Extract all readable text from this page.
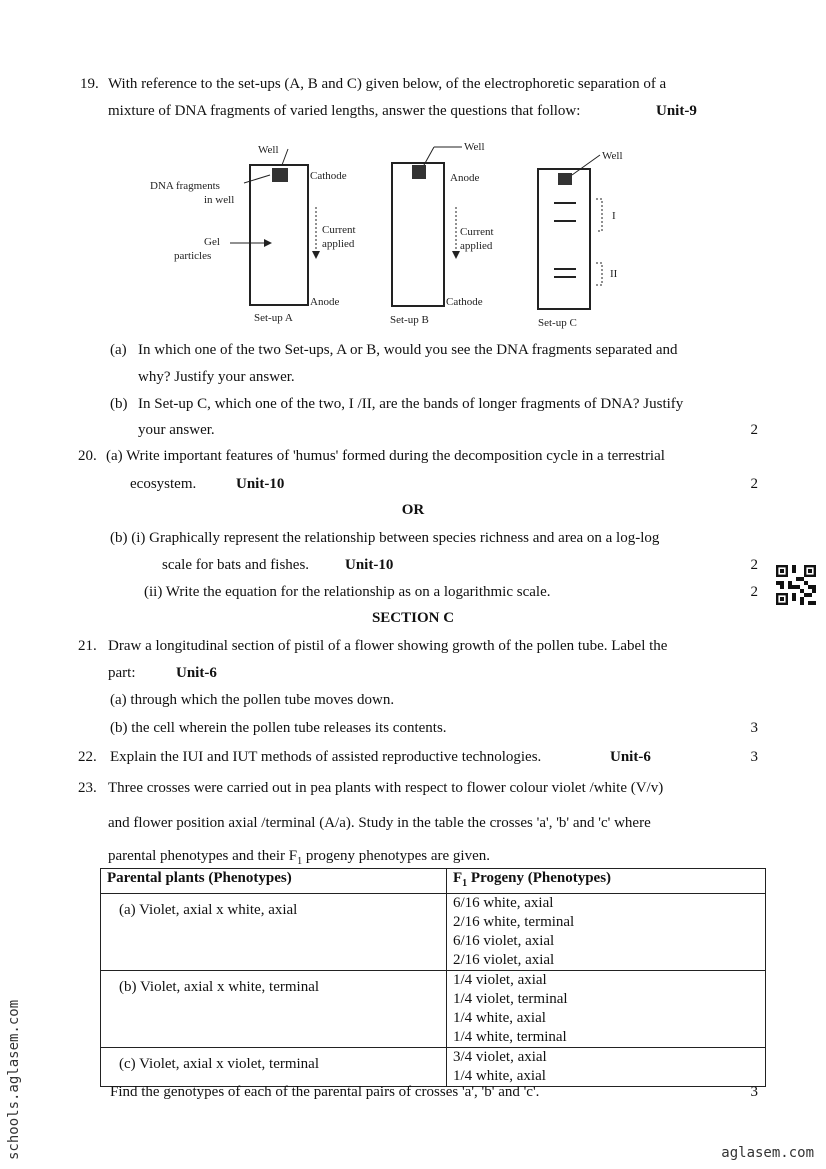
19. With reference to the set-ups (A, B and C) given below, of the electrophoretic separation of a
mixture of DNA fragments of varied lengths, answer the questions that follow:	Unit-9
Well
DNA fragments
in well
Cathode
Current
applied
Gel
particles
Anode
Set-up A
Well
Anode
Current
applied
Cathode
Set-up B
Well
I
II
Set-up C
(a) In which one of the two Set-ups, A or B, would you see the DNA fragments separated and
why? Justify your answer.
(b) In Set-up C, which one of the two, I /II, are the bands of longer fragments of DNA? Justify
your answer.	2
20. (a) Write important features of 'humus' formed during the decomposition cycle in a terrestrial
ecosystem.	Unit-10	2
OR
(b) (i) Graphically represent the relationship between species richness and area on a log-log
scale for bats and fishes. Unit-10	2
(ii) Write the equation for the relationship as on a logarithmic scale.	2
SECTION C
21. Draw a longitudinal section of pistil of a flower showing growth of the pollen tube. Label the
part:	Unit-6
(a) through which the pollen tube moves down.
(b) the cell wherein the pollen tube releases its contents.	3
22. Explain the IUI and IUT methods of assisted reproductive technologies.	Unit-6	3
23. Three crosses were carried out in pea plants with respect to flower colour violet /white (V/v)
and flower position axial /terminal (A/a). Study in the table the crosses 'a', 'b' and 'c' where
parental phenotypes and their $F_1$ progeny phenotypes are given.
Parental plants (Phenotypes)	$F_1$ Progeny (Phenotypes)
(a) Violet, axial x white, axial	6/16 white, axial
2/16 white, terminal
6/16 violet, axial
2/16 violet, axial

(b) Violet, axial x white, terminal	1/4 violet, axial
1/4 violet, terminal
1/4 white, axial
1/4 white, terminal

(c) Violet, axial x violet, terminal	3/4 violet, axial
1/4 white, axial
Find the genotypes of each of the parental pairs of crosses 'a', 'b' and 'c'.	3
schools.aglasem.com	aglasem.com
